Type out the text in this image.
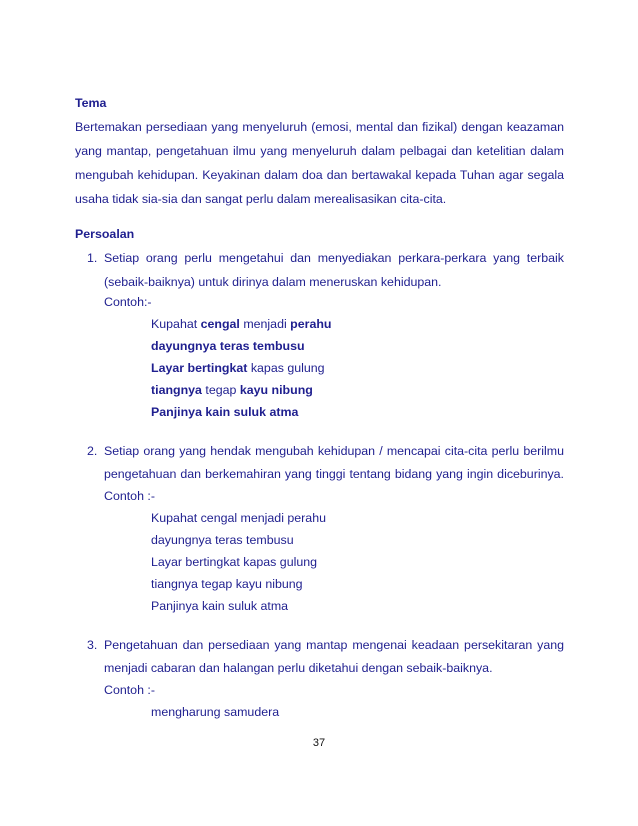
Tema
Bertemakan persediaan yang menyeluruh (emosi, mental dan fizikal) dengan keazaman
yang mantap, pengetahuan ilmu yang menyeluruh dalam pelbagai dan ketelitian dalam
mengubah kehidupan. Keyakinan dalam doa dan bertawakal kepada Tuhan agar segala
usaha tidak sia-sia dan sangat perlu dalam merealisasikan cita-cita.
Persoalan
1. Setiap orang perlu mengetahui dan menyediakan perkara-perkara yang terbaik
(sebaik-baiknya) untuk dirinya dalam meneruskan kehidupan.
Contoh:-
Kupahat cengal menjadi perahu
dayungnya teras tembusu
Layar bertingkat kapas gulung
tiangnya tegap kayu nibung
Panjinya kain suluk atma
2. Setiap orang yang hendak mengubah kehidupan / mencapai cita-cita perlu berilmu
pengetahuan dan berkemahiran yang tinggi tentang bidang yang ingin diceburinya.
Contoh :-
Kupahat cengal menjadi perahu
dayungnya teras tembusu
Layar bertingkat kapas gulung
tiangnya tegap kayu nibung
Panjinya kain suluk atma
3. Pengetahuan dan persediaan yang mantap mengenai keadaan persekitaran yang
menjadi cabaran dan halangan perlu diketahui dengan sebaik-baiknya.
Contoh :-
mengharung samudera
37
